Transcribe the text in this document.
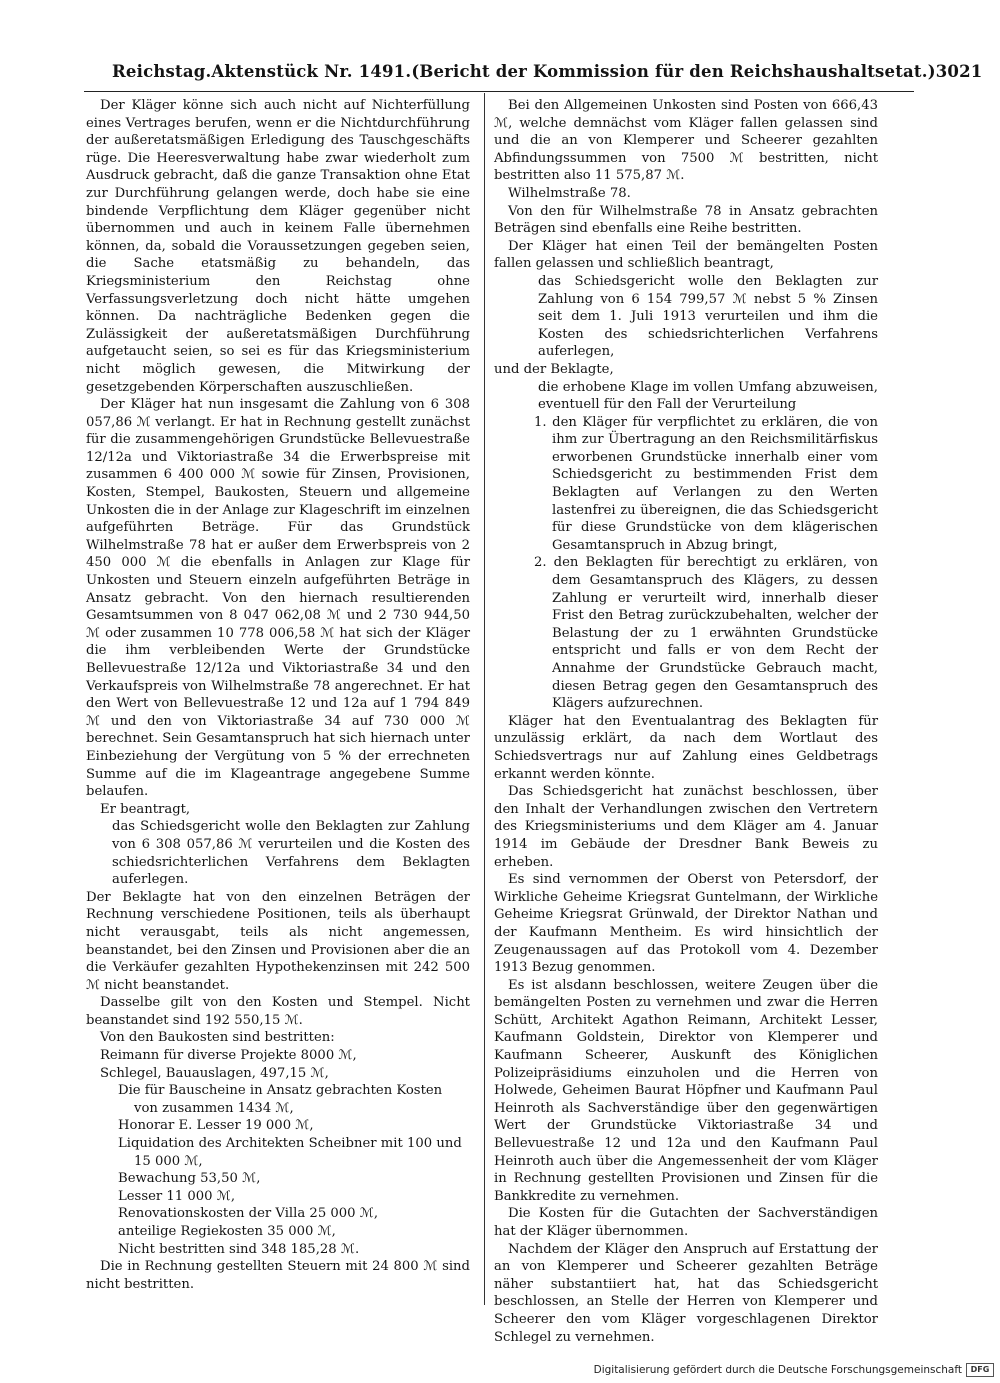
Reichstag. Aktenstück Nr. 1491. (Bericht der Kommission für den Reichshaushaltsetat.) 3021

Der Kläger könne sich auch nicht auf Nichterfüllung eines Vertrages berufen, wenn er die Nichtdurchführung der außeretatsmäßigen Erledigung des Tauschgeschäfts rüge. Die Heeresverwaltung habe zwar wiederholt zum Ausdruck gebracht, daß die ganze Transaktion ohne Etat zur Durchführung gelangen werde, doch habe sie eine bindende Verpflichtung dem Kläger gegenüber nicht übernommen und auch in keinem Falle übernehmen können, da, sobald die Voraussetzungen gegeben seien, die Sache etatsmäßig zu behandeln, das Kriegsministerium den Reichstag ohne Verfassungsverletzung doch nicht hätte umgehen können. Da nachträgliche Bedenken gegen die Zulässigkeit der außeretatsmäßigen Durchführung aufgetaucht seien, so sei es für das Kriegsministerium nicht möglich gewesen, die Mitwirkung der gesetzgebenden Körperschaften auszuschließen.

Der Kläger hat nun insgesamt die Zahlung von 6 308 057,86 ℳ verlangt. Er hat in Rechnung gestellt zunächst für die zusammengehörigen Grundstücke Bellevuestraße 12/12a und Viktoriastraße 34 die Erwerbspreise mit zusammen 6 400 000 ℳ sowie für Zinsen, Provisionen, Kosten, Stempel, Baukosten, Steuern und allgemeine Unkosten die in der Anlage zur Klageschrift im einzelnen aufgeführten Beträge. Für das Grundstück Wilhelmstraße 78 hat er außer dem Erwerbspreis von 2 450 000 ℳ die ebenfalls in Anlagen zur Klage für Unkosten und Steuern einzeln aufgeführten Beträge in Ansatz gebracht. Von den hiernach resultierenden Gesamtsummen von 8 047 062,08 ℳ und 2 730 944,50 ℳ oder zusammen 10 778 006,58 ℳ hat sich der Kläger die ihm verbleibenden Werte der Grundstücke Bellevuestraße 12/12a und Viktoriastraße 34 und den Verkaufspreis von Wilhelmstraße 78 angerechnet. Er hat den Wert von Bellevuestraße 12 und 12a auf 1 794 849 ℳ und den von Viktoriastraße 34 auf 730 000 ℳ berechnet. Sein Gesamtanspruch hat sich hiernach unter Einbeziehung der Vergütung von 5 % der errechneten Summe auf die im Klageantrage angegebene Summe belaufen.

Er beantragt,

das Schiedsgericht wolle den Beklagten zur Zahlung von 6 308 057,86 ℳ verurteilen und die Kosten des schiedsrichterlichen Verfahrens dem Beklagten auferlegen.

Der Beklagte hat von den einzelnen Beträgen der Rechnung verschiedene Positionen, teils als überhaupt nicht verausgabt, teils als nicht angemessen, beanstandet, bei den Zinsen und Provisionen aber die an die Verkäufer gezahlten Hypothekenzinsen mit 242 500 ℳ nicht beanstandet.

Dasselbe gilt von den Kosten und Stempel. Nicht beanstandet sind 192 550,15 ℳ.

Von den Baukosten sind bestritten:

Reimann für diverse Projekte 8000 ℳ,

Schlegel, Bauauslagen, 497,15 ℳ,

Die für Bauscheine in Ansatz gebrachten Kosten von zusammen 1434 ℳ,

Honorar E. Lesser 19 000 ℳ,

Liquidation des Architekten Scheibner mit 100 und 15 000 ℳ,

Bewachung 53,50 ℳ,

Lesser 11 000 ℳ,

Renovationskosten der Villa 25 000 ℳ,

anteilige Regiekosten 35 000 ℳ,

Nicht bestritten sind 348 185,28 ℳ.

Die in Rechnung gestellten Steuern mit 24 800 ℳ sind nicht bestritten.

Bei den Allgemeinen Unkosten sind Posten von 666,43 ℳ, welche demnächst vom Kläger fallen gelassen sind und die an von Klemperer und Scheerer gezahlten Abfindungssummen von 7500 ℳ bestritten, nicht bestritten also 11 575,87 ℳ.

Wilhelmstraße 78.

Von den für Wilhelmstraße 78 in Ansatz gebrachten Beträgen sind ebenfalls eine Reihe bestritten.

Der Kläger hat einen Teil der bemängelten Posten fallen gelassen und schließlich beantragt,

das Schiedsgericht wolle den Beklagten zur Zahlung von 6 154 799,57 ℳ nebst 5 % Zinsen seit dem 1. Juli 1913 verurteilen und ihm die Kosten des schiedsrichterlichen Verfahrens auferlegen,

und der Beklagte,

die erhobene Klage im vollen Umfang abzuweisen, eventuell für den Fall der Verurteilung

1. den Kläger für verpflichtet zu erklären, die von ihm zur Übertragung an den Reichsmilitärfiskus erworbenen Grundstücke innerhalb einer vom Schiedsgericht zu bestimmenden Frist dem Beklagten auf Verlangen zu den Werten lastenfrei zu übereignen, die das Schiedsgericht für diese Grundstücke von dem klägerischen Gesamtanspruch in Abzug bringt,

2. den Beklagten für berechtigt zu erklären, von dem Gesamtanspruch des Klägers, zu dessen Zahlung er verurteilt wird, innerhalb dieser Frist den Betrag zurückzubehalten, welcher der Belastung der zu 1 erwähnten Grundstücke entspricht und falls er von dem Recht der Annahme der Grundstücke Gebrauch macht, diesen Betrag gegen den Gesamtanspruch des Klägers aufzurechnen.

Kläger hat den Eventualantrag des Beklagten für unzulässig erklärt, da nach dem Wortlaut des Schiedsvertrags nur auf Zahlung eines Geldbetrags erkannt werden könnte.

Das Schiedsgericht hat zunächst beschlossen, über den Inhalt der Verhandlungen zwischen den Vertretern des Kriegsministeriums und dem Kläger am 4. Januar 1914 im Gebäude der Dresdner Bank Beweis zu erheben.

Es sind vernommen der Oberst von Petersdorf, der Wirkliche Geheime Kriegsrat Guntelmann, der Wirkliche Geheime Kriegsrat Grünwald, der Direktor Nathan und der Kaufmann Mentheim. Es wird hinsichtlich der Zeugenaussagen auf das Protokoll vom 4. Dezember 1913 Bezug genommen.

Es ist alsdann beschlossen, weitere Zeugen über die bemängelten Posten zu vernehmen und zwar die Herren Schütt, Architekt Agathon Reimann, Architekt Lesser, Kaufmann Goldstein, Direktor von Klemperer und Kaufmann Scheerer, Auskunft des Königlichen Polizeipräsidiums einzuholen und die Herren von Holwede, Geheimen Baurat Höpfner und Kaufmann Paul Heinroth als Sachverständige über den gegenwärtigen Wert der Grundstücke Viktoriastraße 34 und Bellevuestraße 12 und 12a und den Kaufmann Paul Heinroth auch über die Angemessenheit der vom Kläger in Rechnung gestellten Provisionen und Zinsen für die Bankkredite zu vernehmen.

Die Kosten für die Gutachten der Sachverständigen hat der Kläger übernommen.

Nachdem der Kläger den Anspruch auf Erstattung der an von Klemperer und Scheerer gezahlten Beträge näher substantiiert hat, hat das Schiedsgericht beschlossen, an Stelle der Herren von Klemperer und Scheerer den vom Kläger vorgeschlagenen Direktor Schlegel zu vernehmen.

Digitalisierung gefördert durch die Deutsche Forschungsgemeinschaft	DFG
